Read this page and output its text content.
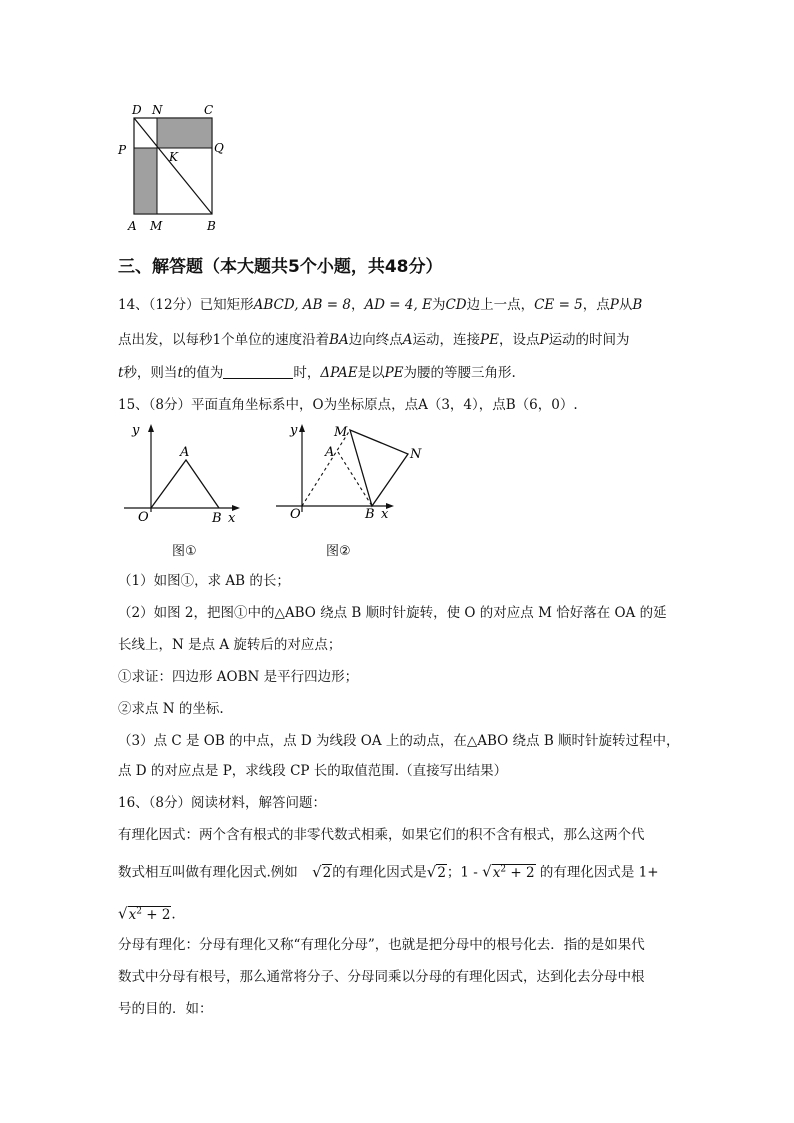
D N	C
P	K
Q
A M	B
三、解答题（本大题共5个小题，共48分）
14、（12分）已知矩形ABCD, AB = 8，AD = 4, E为CD边上一点，CE = 5，点P从B
点出发，以每秒1个单位的速度沿着BA边向终点A运动，连接PE，设点P运动的时间为
t秒，则当t的值为	时，ΔPAE是以PE为腰的等腰三角形.
15、（8分）平面直角坐标系中，O为坐标原点，点A（3，4），点B（6，0）.
y
A
O	B x
图①
y	M
A	N
O	B x
图②
（1）如图①，求 AB 的长；
（2）如图 2，把图①中的△ABO 绕点 B 顺时针旋转，使 O 的对应点 M 恰好落在 OA 的延
长线上，N 是点 A 旋转后的对应点；
①求证：四边形 AOBN 是平行四边形；
②求点 N 的坐标.
（3）点 C 是 OB 的中点，点 D 为线段 OA 上的动点，在△ABO 绕点 B 顺时针旋转过程中，
点 D 的对应点是 P，求线段 CP 长的取值范围.（直接写出结果）
16、（8分）阅读材料，解答问题：
有理化因式：两个含有根式的非零代数式相乘，如果它们的积不含有根式，那么这两个代
数式相互叫做有理化因式.例如 √2的有理化因式是√2；$1 - √x^2 + 2$ 的有理化因式是 1+
$√x^2 + 2$.
分母有理化：分母有理化又称“有理化分母”，也就是把分母中的根号化去．指的是如果代
数式中分母有根号，那么通常将分子、分母同乘以分母的有理化因式，达到化去分母中根
号的目的．如：
